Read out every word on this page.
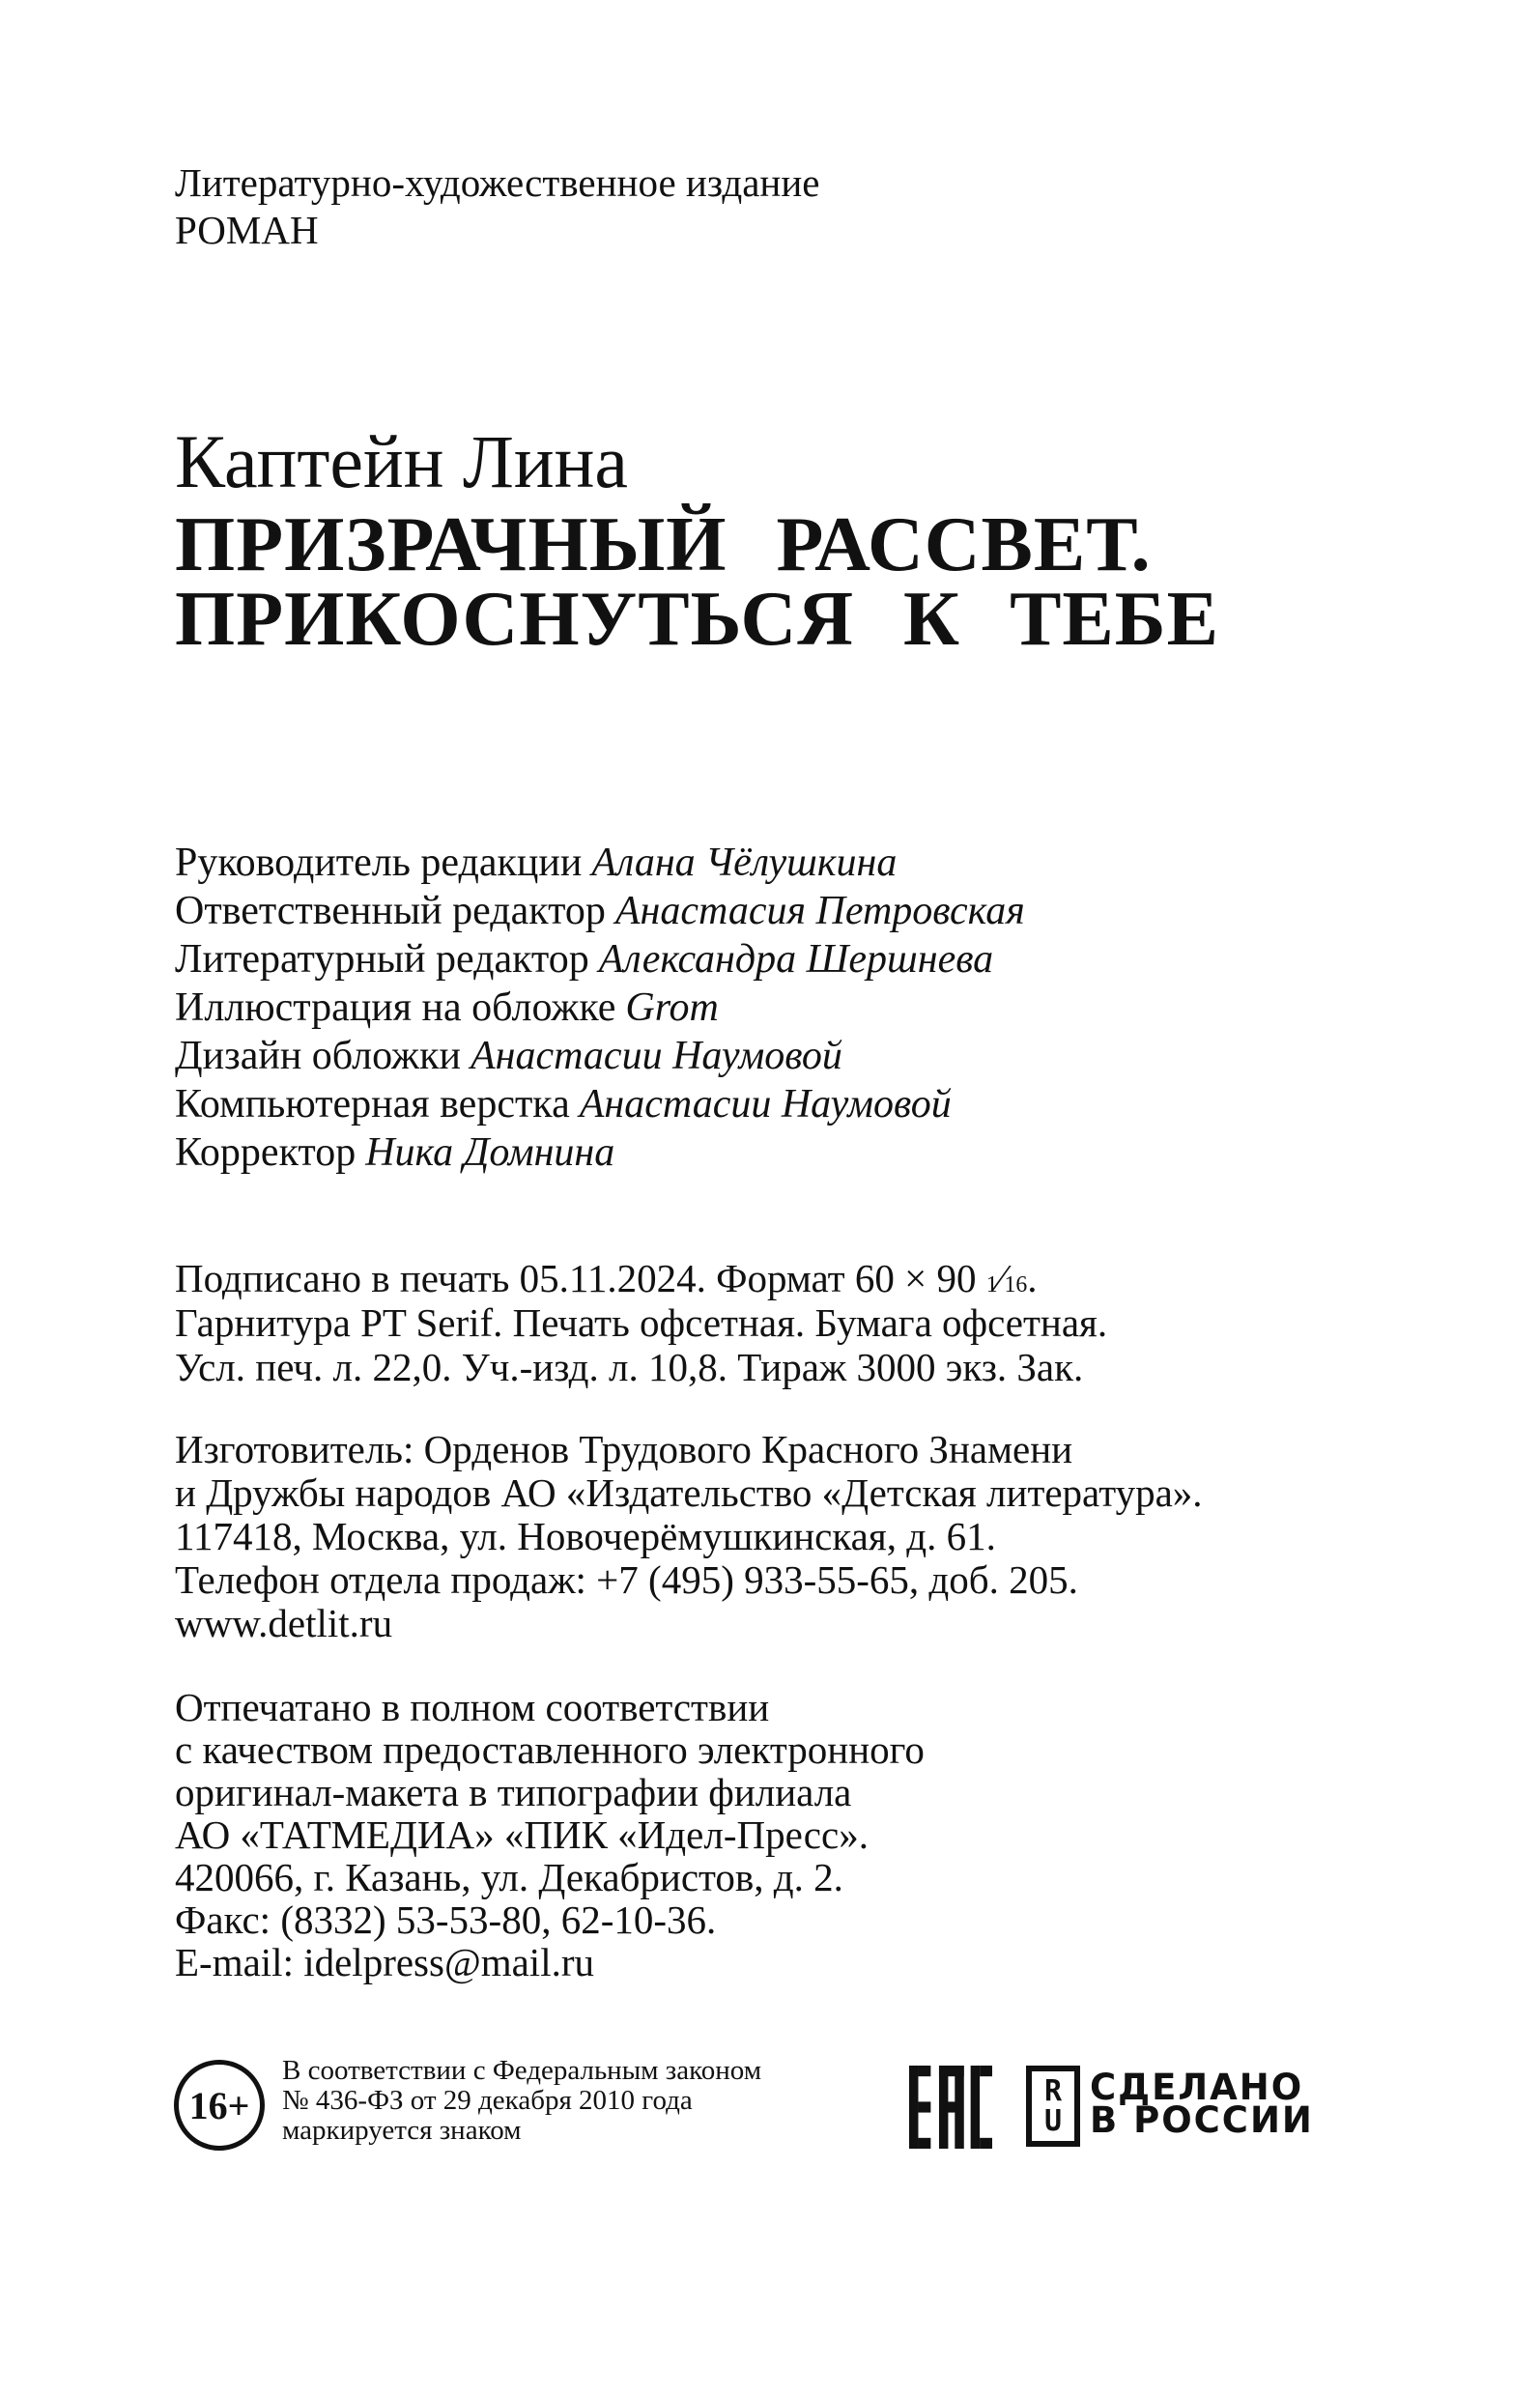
Литературно-художественное издание

РОМАН

Каптейн Лина

ПРИЗРАЧНЫЙ РАССВЕТ.

ПРИКОСНУТЬСЯ К ТЕБЕ

Руководитель редакции Алана Чёлушкина

Ответственный редактор Анастасия Петровская

Литературный редактор Александра Шершнева

Иллюстрация на обложке Grom

Дизайн обложки Анастасии Наумовой

Компьютерная верстка Анастасии Наумовой

Корректор Ника Домнина

Подписано в печать 05.11.2024. Формат 60 × 90 $^1⁄_{16}$.

Гарнитура PT Serif. Печать офсетная. Бумага офсетная.

Усл. печ. л. 22,0. Уч.-изд. л. 10,8. Тираж 3000 экз. Зак.

Изготовитель: Орденов Трудового Красного Знамени

и Дружбы народов АО «Издательство «Детская литература».

117418, Москва, ул. Новочерёмушкинская, д. 61.

Телефон отдела продаж: +7 (495) 933-55-65, доб. 205.

www.detlit.ru

Отпечатано в полном соответствии

с качеством предоставленного электронного

оригинал-макета в типографии филиала

АО «ТАТМЕДИА» «ПИК «Идел-Пресс».

420066, г. Казань, ул. Декабристов, д. 2.

Факс: (8332) 53-53-80, 62-10-36.

E-mail: idelpress@mail.ru

16+

В соответствии с Федеральным законом

№ 436-ФЗ от 29 декабря 2010 года

маркируется знаком

R
U

СДЕЛАНО

В РОССИИ
